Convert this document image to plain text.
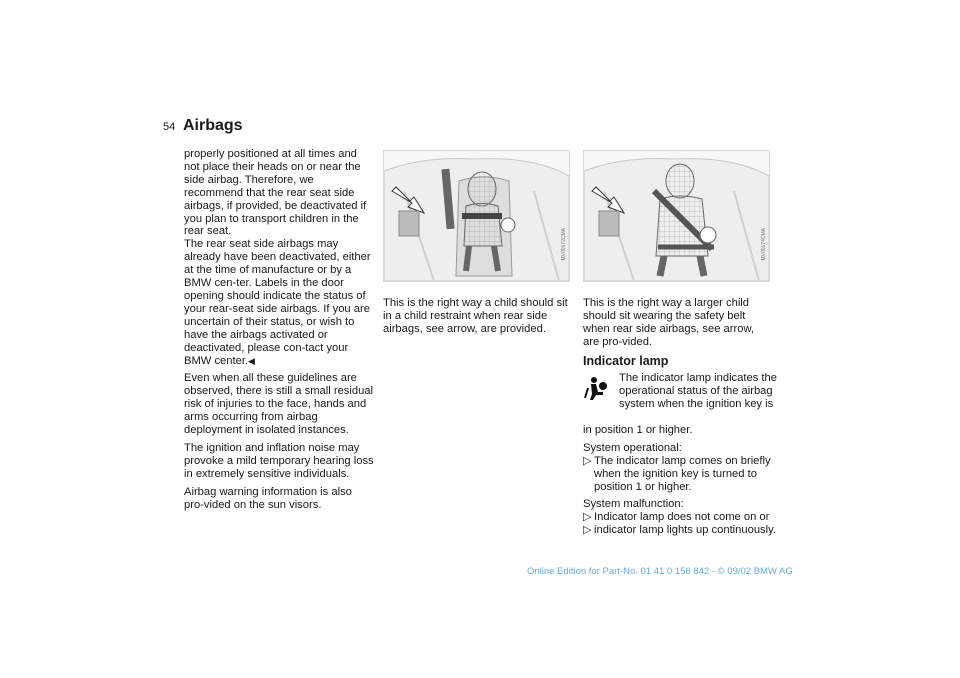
54 Airbags

properly positioned at all times and not place their heads on or near the side airbag. Therefore, we recommend that the rear seat side airbags, if provided, be deactivated if you plan to transport children in the rear seat.

The rear seat side airbags may already have been deactivated, either at the time of manufacture or by a BMW cen-ter. Labels in the door opening should indicate the status of your rear-seat side airbags. If you are uncertain of their status, or wish to have the airbags activated or deactivated, please con-tact your BMW center.◀

Even when all these guidelines are observed, there is still a small residual risk of injuries to the face, hands and arms occurring from airbag deployment in isolated instances.

The ignition and inflation noise may provoke a mild temporary hearing loss in extremely sensitive individuals.

Airbag warning information is also pro-vided on the sun visors.

MV00172CMA	MV00174CMA
This is the right way a child should sit in a child restraint when rear side airbags, see arrow, are provided.
This is the right way a larger child should sit wearing the safety belt when rear side airbags, see arrow, are pro-vided.
Indicator lamp
The indicator lamp indicates the operational status of the airbag system when the ignition key is

in position 1 or higher.

System operational:

▷ The indicator lamp comes on briefly when the ignition key is turned to position 1 or higher.

System malfunction:

▷ Indicator lamp does not come on or
▷ indicator lamp lights up continuously.
Online Edition for Part-No. 01 41 0 156 842 - © 09/02 BMW AG
